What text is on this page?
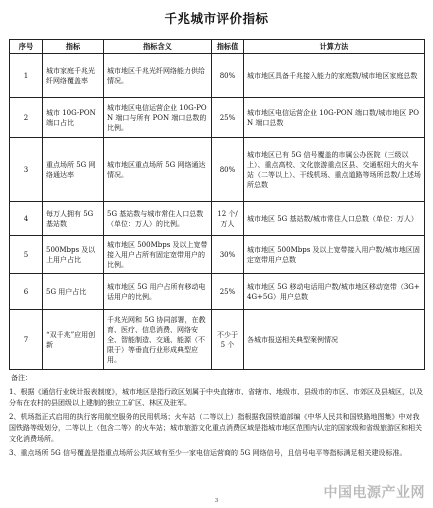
千兆城市评价指标
序号	指标	指标含义	指标值	计算方法
1	城市家庭千兆光纤网络覆盖率	城市地区千兆光纤网络能力供给情况。	80%	城市地区具备千兆接入能力的家庭数/城市地区家庭总数
2	城市 10G-PON 端口占比	城市地区电信运营企业 10G-PON 端口与所有 PON 端口总数的比例。	25%	城市地区电信运营企业 10G-PON 端口数/城市地区 PON 端口总数
3	重点场所 5G 网络通达率	城市地区重点场所 5G 网络通达情况。	80%	城市地区已有 5G 信号覆盖的市属公办医院（三级以上）、重点高校、文化旅游重点区县、交通枢纽大的火车站（二等以上）、干线机场、重点道路等场所总数/上述场所总数
4	每万人拥有 5G 基站数	5G 基站数与城市常住人口总数（单位：万人）的比例。	12 个/万人	城市地区 5G 基站数/城市常住人口总数（单位：万人）
5	500Mbps 及以上用户占比	城市地区 500Mbps 及以上宽带接入用户占所有固定宽带用户的比例。	30%	城市地区 500Mbps 及以上宽带接入用户数/城市地区固定宽带用户总数
6	5G 用户占比	城市地区 5G 用户占所有移动电话用户的比例。	25%	城市地区 5G 移动电话用户数/城市地区移动宽带（3G+4G+5G）用户总数
7	“双千兆”应用创新	千兆光网和 5G 协同部署，在教育、医疗、信息消费、网络安全、智能制造、交通、能源（不限于）等垂直行业形成典型应用。	不少于 5 个	各城市报送相关典型案例情况
备注：
1、根据《通信行业统计报表制度》，城市地区是指行政区划属于中央直辖市、省辖市、地级市、县级市的市区、市郊区及县城区，以及分布在农村的县团级以上建制的独立工矿区、林区及驻军。
2、机场指正式启用的执行客用航空服务的民用机场；火车站（二等以上）指根据我国铁道部编《中华人民共和国铁路地图集》中对我国铁路等级划分，二等以上（包含二等）的火车站；城市旅游文化重点消费区域是指城市地区范围内认定的国家级和省级旅游区和相关文化消费场所。
3、重点场所 5G 信号覆盖是指重点场所公共区域有至少一家电信运营商的 5G 网络信号，且信号电平等指标满足相关建设标准。
3	中国电源产业网
